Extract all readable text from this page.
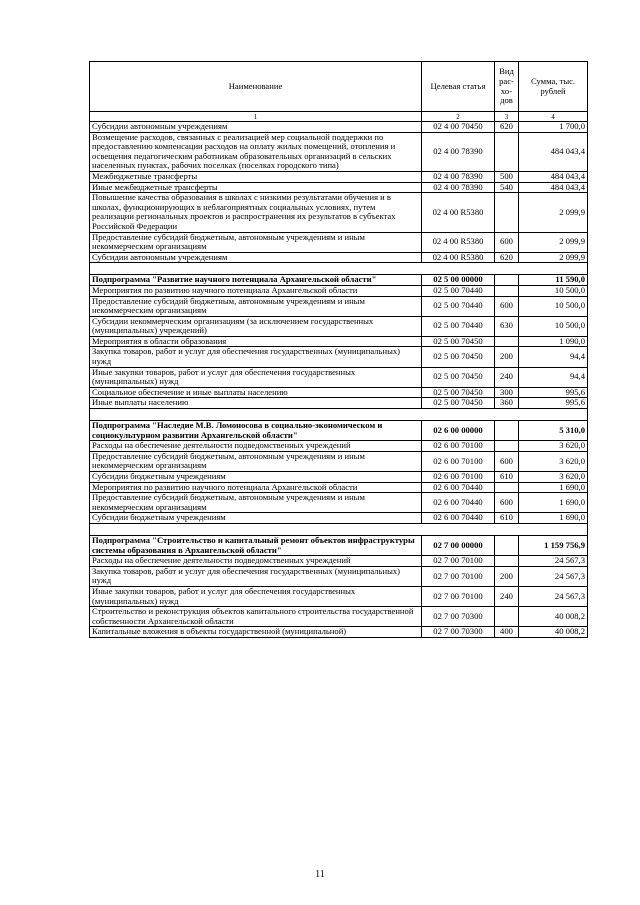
Наименование	Целевая статья	Вид рас-хо-дов	Сумма, тыс. рублей
1	2	3	4
Субсидии автономным учреждениям	02 4 00 70450	620	1 700,0
Возмещение расходов, связанных с реализацией мер социальной поддержки по предоставлению компенсации расходов на оплату жилых помещений, отопления и освещения педагогическим работникам образовательных организаций в сельских населенных пунктах, рабочих поселках (поселках городского типа)	02 4 00 78390		484 043,4
Межбюджетные трансферты	02 4 00 78390	500	484 043,4
Иные межбюджетные трансферты	02 4 00 78390	540	484 043,4
Повышение качества образования в школах с низкими результатами обучения и в школах, функционирующих в неблагоприятных социальных условиях, путем реализации региональных проектов и распространения их результатов в субъектах Российской Федерации	02 4 00 R5380		2 099,9
Предоставление субсидий бюджетным, автономным учреждениям и иным некоммерческим организациям	02 4 00 R5380	600	2 099,9
Субсидии автономным учреждениям	02 4 00 R5380	620	2 099,9

Подпрограмма "Развитие научного потенциала Архангельской области"	02 5 00 00000		11 590,0
Мероприятия по развитию научного потенциала Архангельской области	02 5 00 70440		10 500,0
Предоставление субсидий бюджетным, автономным учреждениям и иным некоммерческим организациям	02 5 00 70440	600	10 500,0
Субсидии некоммерческим организациям (за исключением государственных (муниципальных) учреждений)	02 5 00 70440	630	10 500,0
Мероприятия в области образования	02 5 00 70450		1 090,0
Закупка товаров, работ и услуг для обеспечения государственных (муниципальных) нужд	02 5 00 70450	200	94,4
Иные закупки товаров, работ и услуг для обеспечения государственных (муниципальных) нужд	02 5 00 70450	240	94,4
Социальное обеспечение и иные выплаты населению	02 5 00 70450	300	995,6
Иные выплаты населению	02 5 00 70450	360	995,6

Подпрограмма "Наследие М.В. Ломоносова в социально-экономическом и социокультурном развитии Архангельской области"	02 6 00 00000		5 310,0
Расходы на обеспечение деятельности подведомственных учреждений	02 6 00 70100		3 620,0
Предоставление субсидий бюджетным, автономным учреждениям и иным некоммерческим организациям	02 6 00 70100	600	3 620,0
Субсидии бюджетным учреждениям	02 6 00 70100	610	3 620,0
Мероприятия по развитию научного потенциала Архангельской области	02 6 00 70440		1 690,0
Предоставление субсидий бюджетным, автономным учреждениям и иным некоммерческим организациям	02 6 00 70440	600	1 690,0
Субсидии бюджетным учреждениям	02 6 00 70440	610	1 690,0

Подпрограмма "Строительство и капитальный ремонт объектов инфраструктуры системы образования в Архангельской области"	02 7 00 00000		1 159 756,9
Расходы на обеспечение деятельности подведомственных учреждений	02 7 00 70100		24 567,3
Закупка товаров, работ и услуг для обеспечения государственных (муниципальных) нужд	02 7 00 70100	200	24 567,3
Иные закупки товаров, работ и услуг для обеспечения государственных (муниципальных) нужд	02 7 00 70100	240	24 567,3
Строительство и реконструкция объектов капитального строительства государственной собственности Архангельской области	02 7 00 70300		40 008,2
Капитальные вложения в объекты государственной (муниципальной)	02 7 00 70300	400	40 008,2
11
